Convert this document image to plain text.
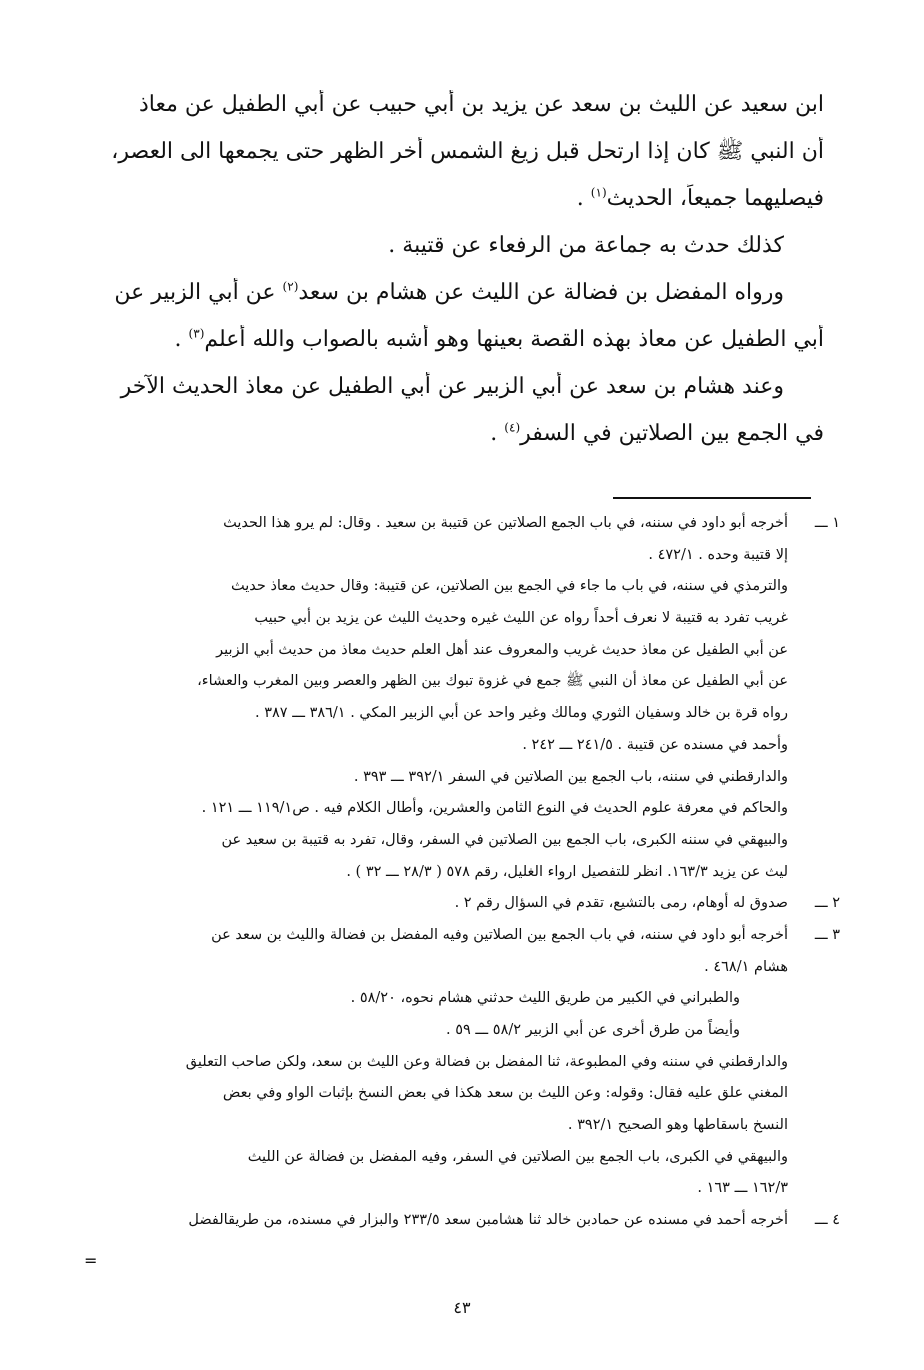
ابن سعيد عن الليث بن سعد عن يزيد بن أبي حبيب عن أبي الطفيل عن معاذ
أن النبي ﷺ كان إذا ارتحل قبل زيغ الشمس أخر الظهر حتى يجمعها الى العصر،
فيصليهما جميعاً، الحديث$^{(١)}$ .
كذلك حدث به جماعة من الرفعاء عن قتيبة .
ورواه المفضل بن فضالة عن الليث عن هشام بن سعد$^{(٢)}$ عن أبي الزبير عن
أبي الطفيل عن معاذ بهذه القصة بعينها وهو أشبه بالصواب والله أعلم$^{(٣)}$ .
وعند هشام بن سعد عن أبي الزبير عن أبي الطفيل عن معاذ الحديث الآخر
في الجمع بين الصلاتين في السفر$^{(٤)}$ .
١ ـــ
أخرجه أبو داود في سننه، في باب الجمع الصلاتين عن قتيبة بن سعيد . وقال: لم يرو هذا الحديث
إلا قتيبة وحده . ٤٧٢/١ .
والترمذي في سننه، في باب ما جاء في الجمع بين الصلاتين، عن قتيبة: وقال حديث معاذ حديث
غريب تفرد به قتيبة لا نعرف أحداً رواه عن الليث غيره وحديث الليث عن يزيد بن أبي حبيب
عن أبي الطفيل عن معاذ حديث غريب والمعروف عند أهل العلم حديث معاذ من حديث أبي الزبير
عن أبي الطفيل عن معاذ أن النبي ﷺ جمع في غزوة تبوك بين الظهر والعصر وبين المغرب والعشاء،
رواه قرة بن خالد وسفيان الثوري ومالك وغير واحد عن أبي الزبير المكي . ٣٨٦/١ ـــ ٣٨٧ .
وأحمد في مسنده عن قتيبة . ٢٤١/٥ ـــ ٢٤٢ .
والدارقطني في سننه، باب الجمع بين الصلاتين في السفر ٣٩٢/١ ـــ ٣٩٣ .
والحاكم في معرفة علوم الحديث في النوع الثامن والعشرين، وأطال الكلام فيه . ص١١٩/١ ـــ ١٢١ .
والبيهقي في سننه الكبرى، باب الجمع بين الصلاتين في السفر، وقال، تفرد به قتيبة بن سعيد عن
ليث عن يزيد ١٦٣/٣. انظر للتفصيل ارواء الغليل، رقم ٥٧٨ ( ٢٨/٣ ـــ ٣٢ ) .
٢ ـــ
صدوق له أوهام، رمى بالتشيع، تقدم في السؤال رقم ٢ .
٣ ـــ
أخرجه أبو داود في سننه، في باب الجمع بين الصلاتين وفيه المفضل بن فضالة والليث بن سعد عن
هشام ٤٦٨/١ .
والطبراني في الكبير من طريق الليث حدثني هشام نحوه، ٥٨/٢٠ .
وأيضاً من طرق أخرى عن أبي الزبير ٥٨/٢ ـــ ٥٩ .
والدارقطني في سننه وفي المطبوعة، ثنا المفضل بن فضالة وعن الليث بن سعد، ولكن صاحب التعليق
المغني علق عليه فقال: وقوله: وعن الليث بن سعد هكذا في بعض النسخ بإثبات الواو وفي بعض
النسخ باسقاطها وهو الصحيح ٣٩٢/١ .
والبيهقي في الكبرى، باب الجمع بين الصلاتين في السفر، وفيه المفضل بن فضالة عن الليث
١٦٢/٣ ـــ ١٦٣ .
٤ ـــ
أخرجه أحمد في مسنده عن حمادبن خالد ثنا هشامبن سعد ٢٣٣/٥ والبزار في مسنده، من طريقالفضل
=
٤٣
